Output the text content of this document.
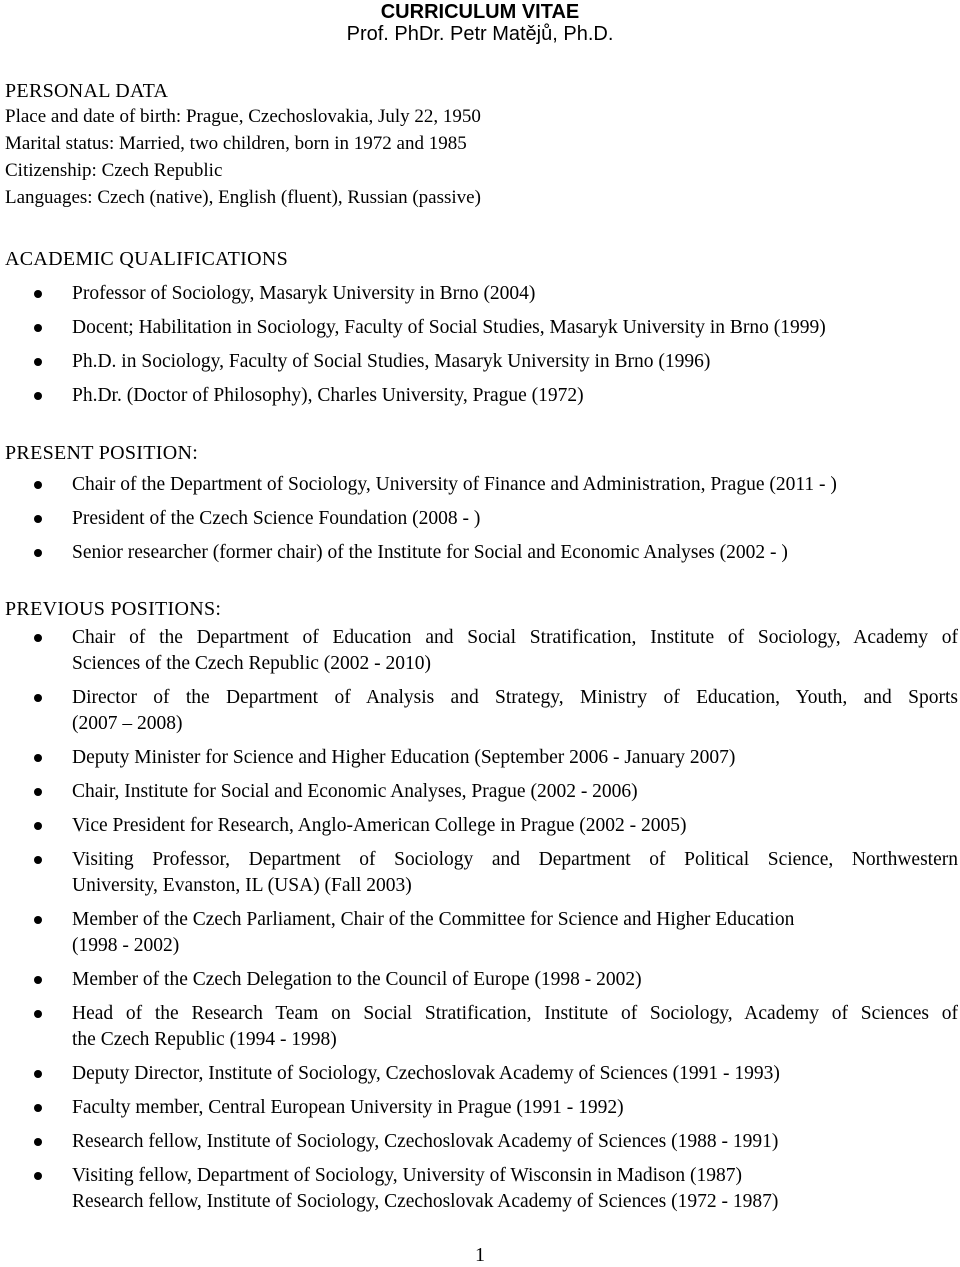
CURRICULUM VITAE
Prof. PhDr. Petr Matějů, Ph.D.
PERSONAL DATA
Place and date of birth: Prague, Czechoslovakia, July 22, 1950
Marital status: Married, two children, born in 1972 and 1985
Citizenship: Czech Republic
Languages: Czech (native), English (fluent), Russian (passive)
ACADEMIC QUALIFICATIONS
Professor of Sociology, Masaryk University in Brno (2004)
Docent; Habilitation in Sociology, Faculty of Social Studies, Masaryk University in Brno (1999)
Ph.D. in Sociology, Faculty of Social Studies, Masaryk University in Brno (1996)
Ph.Dr. (Doctor of Philosophy), Charles University, Prague (1972)
PRESENT POSITION:
Chair of the Department of Sociology, University of Finance and Administration, Prague (2011 - )
President of the Czech Science Foundation (2008 - )
Senior researcher (former chair) of the Institute for Social and Economic Analyses (2002 - )
PREVIOUS POSITIONS:
Chair of the Department of Education and Social Stratification, Institute of Sociology, Academy of
Sciences of the Czech Republic (2002 - 2010)
Director of the Department of Analysis and Strategy, Ministry of Education, Youth, and Sports
(2007 – 2008)
Deputy Minister for Science and Higher Education (September 2006 - January 2007)
Chair, Institute for Social and Economic Analyses, Prague (2002 - 2006)
Vice President for Research, Anglo-American College in Prague (2002 - 2005)
Visiting Professor, Department of Sociology and Department of Political Science, Northwestern
University, Evanston, IL (USA) (Fall 2003)
Member of the Czech Parliament, Chair of the Committee for Science and Higher Education
(1998 - 2002)
Member of the Czech Delegation to the Council of Europe (1998 - 2002)
Head of the Research Team on Social Stratification, Institute of Sociology, Academy of Sciences of
the Czech Republic (1994 - 1998)
Deputy Director, Institute of Sociology, Czechoslovak Academy of Sciences (1991 - 1993)
Faculty member, Central European University in Prague (1991 - 1992)
Research fellow, Institute of Sociology, Czechoslovak Academy of Sciences (1988 - 1991)
Visiting fellow, Department of Sociology, University of Wisconsin in Madison (1987)
Research fellow, Institute of Sociology, Czechoslovak Academy of Sciences (1972 - 1987)
1
